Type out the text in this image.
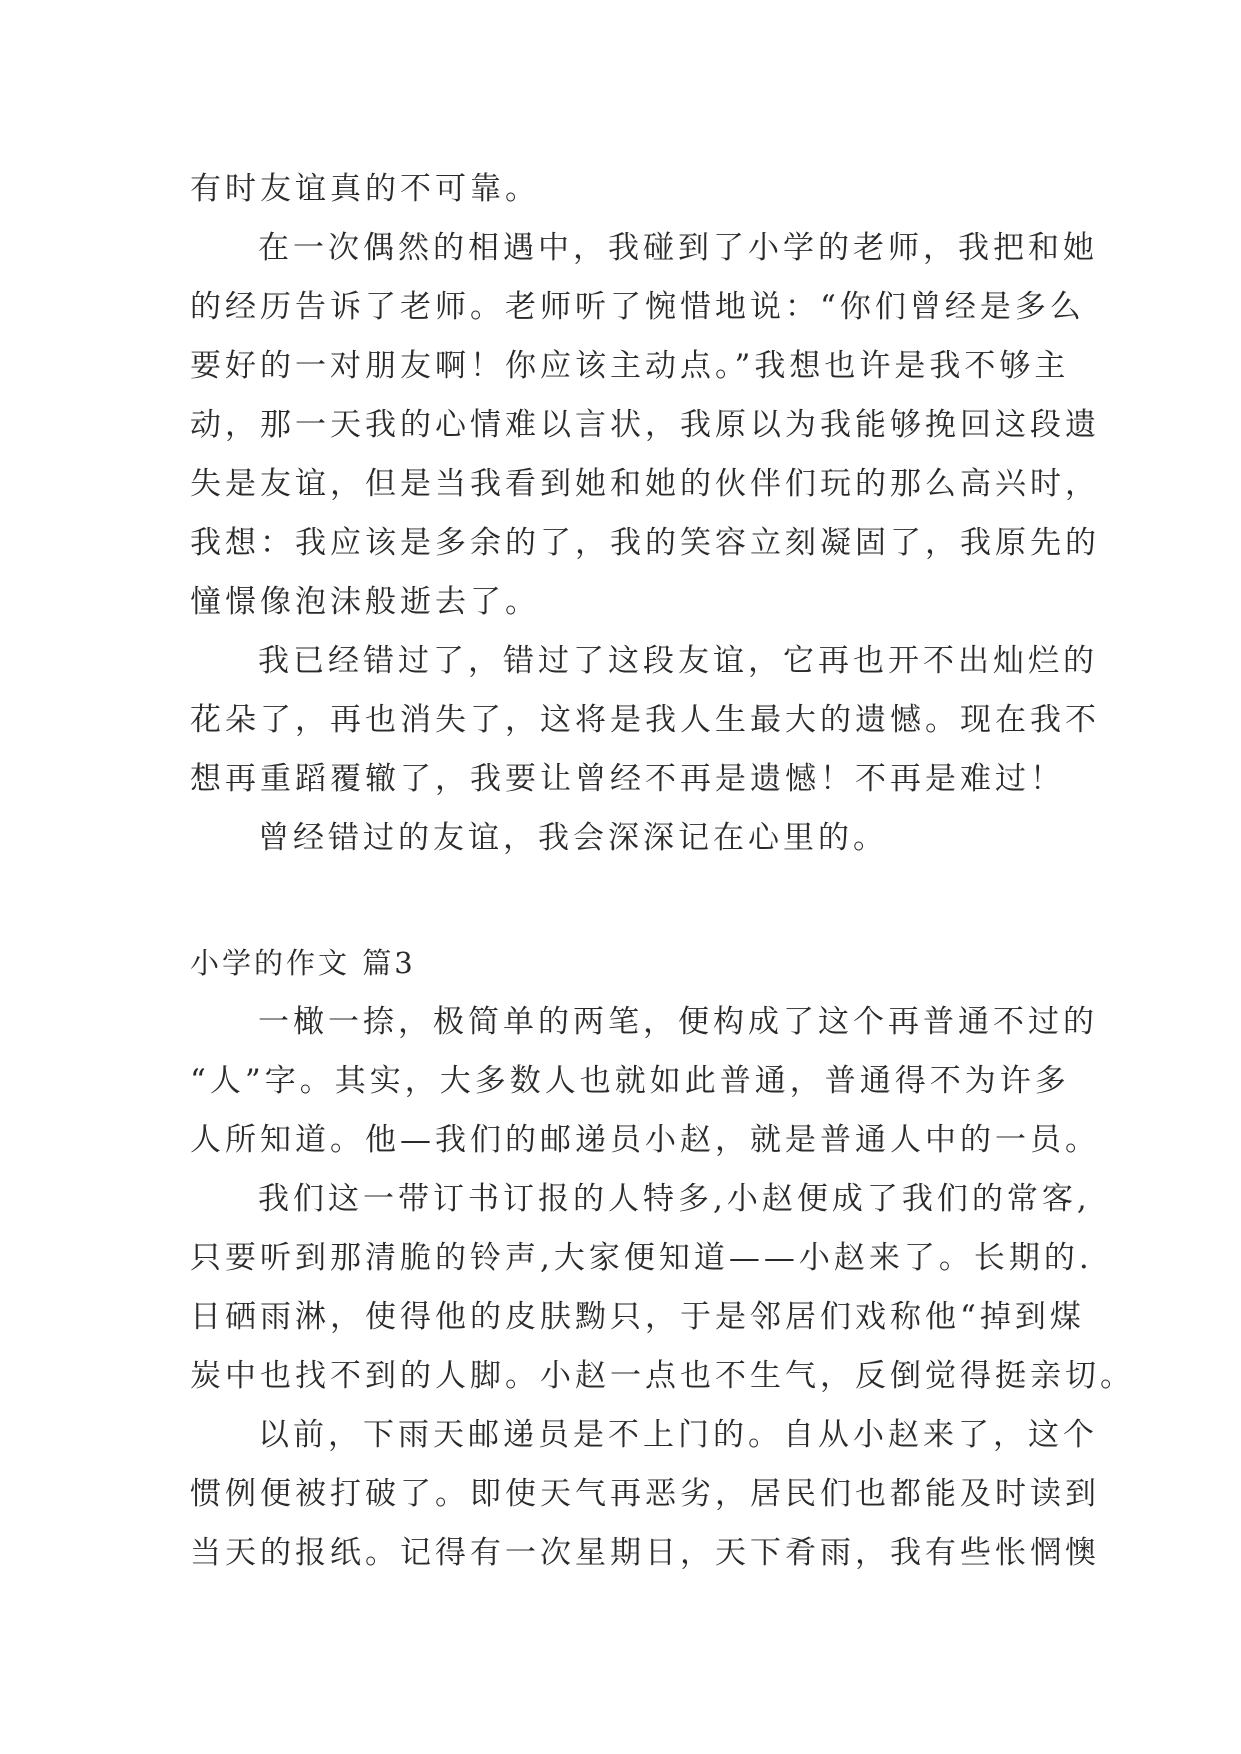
有时友谊真的不可靠。
在一次偶然的相遇中，我碰到了小学的老师，我把和她
的经历告诉了老师。老师听了惋惜地说：“你们曾经是多么
要好的一对朋友啊！你应该主动点。”我想也许是我不够主
动，那一天我的心情难以言状，我原以为我能够挽回这段遗
失是友谊，但是当我看到她和她的伙伴们玩的那么高兴时，
我想：我应该是多余的了，我的笑容立刻凝固了，我原先的
憧憬像泡沫般逝去了。
我已经错过了，错过了这段友谊，它再也开不出灿烂的
花朵了，再也消失了，这将是我人生最大的遗憾。现在我不
想再重蹈覆辙了，我要让曾经不再是遗憾！不再是难过！
曾经错过的友谊，我会深深记在心里的。
小学的作文 篇3
一橄一捺，极简单的两笔，便构成了这个再普通不过的
“人”字。其实，大多数人也就如此普通，普通得不为许多
人所知道。他—我们的邮递员小赵，就是普通人中的一员。
我们这一带订书订报的人特多,小赵便成了我们的常客,
只要听到那清脆的铃声,大家便知道——小赵来了。长期的.
日硒雨淋，使得他的皮肤黝只，于是邻居们戏称他“掉到煤
炭中也找不到的人脚。小赵一点也不生气，反倒觉得挺亲切。
以前，下雨天邮递员是不上门的。自从小赵来了，这个
惯例便被打破了。即使天气再恶劣，居民们也都能及时读到
当天的报纸。记得有一次星期日，天下肴雨，我有些怅惘懊
